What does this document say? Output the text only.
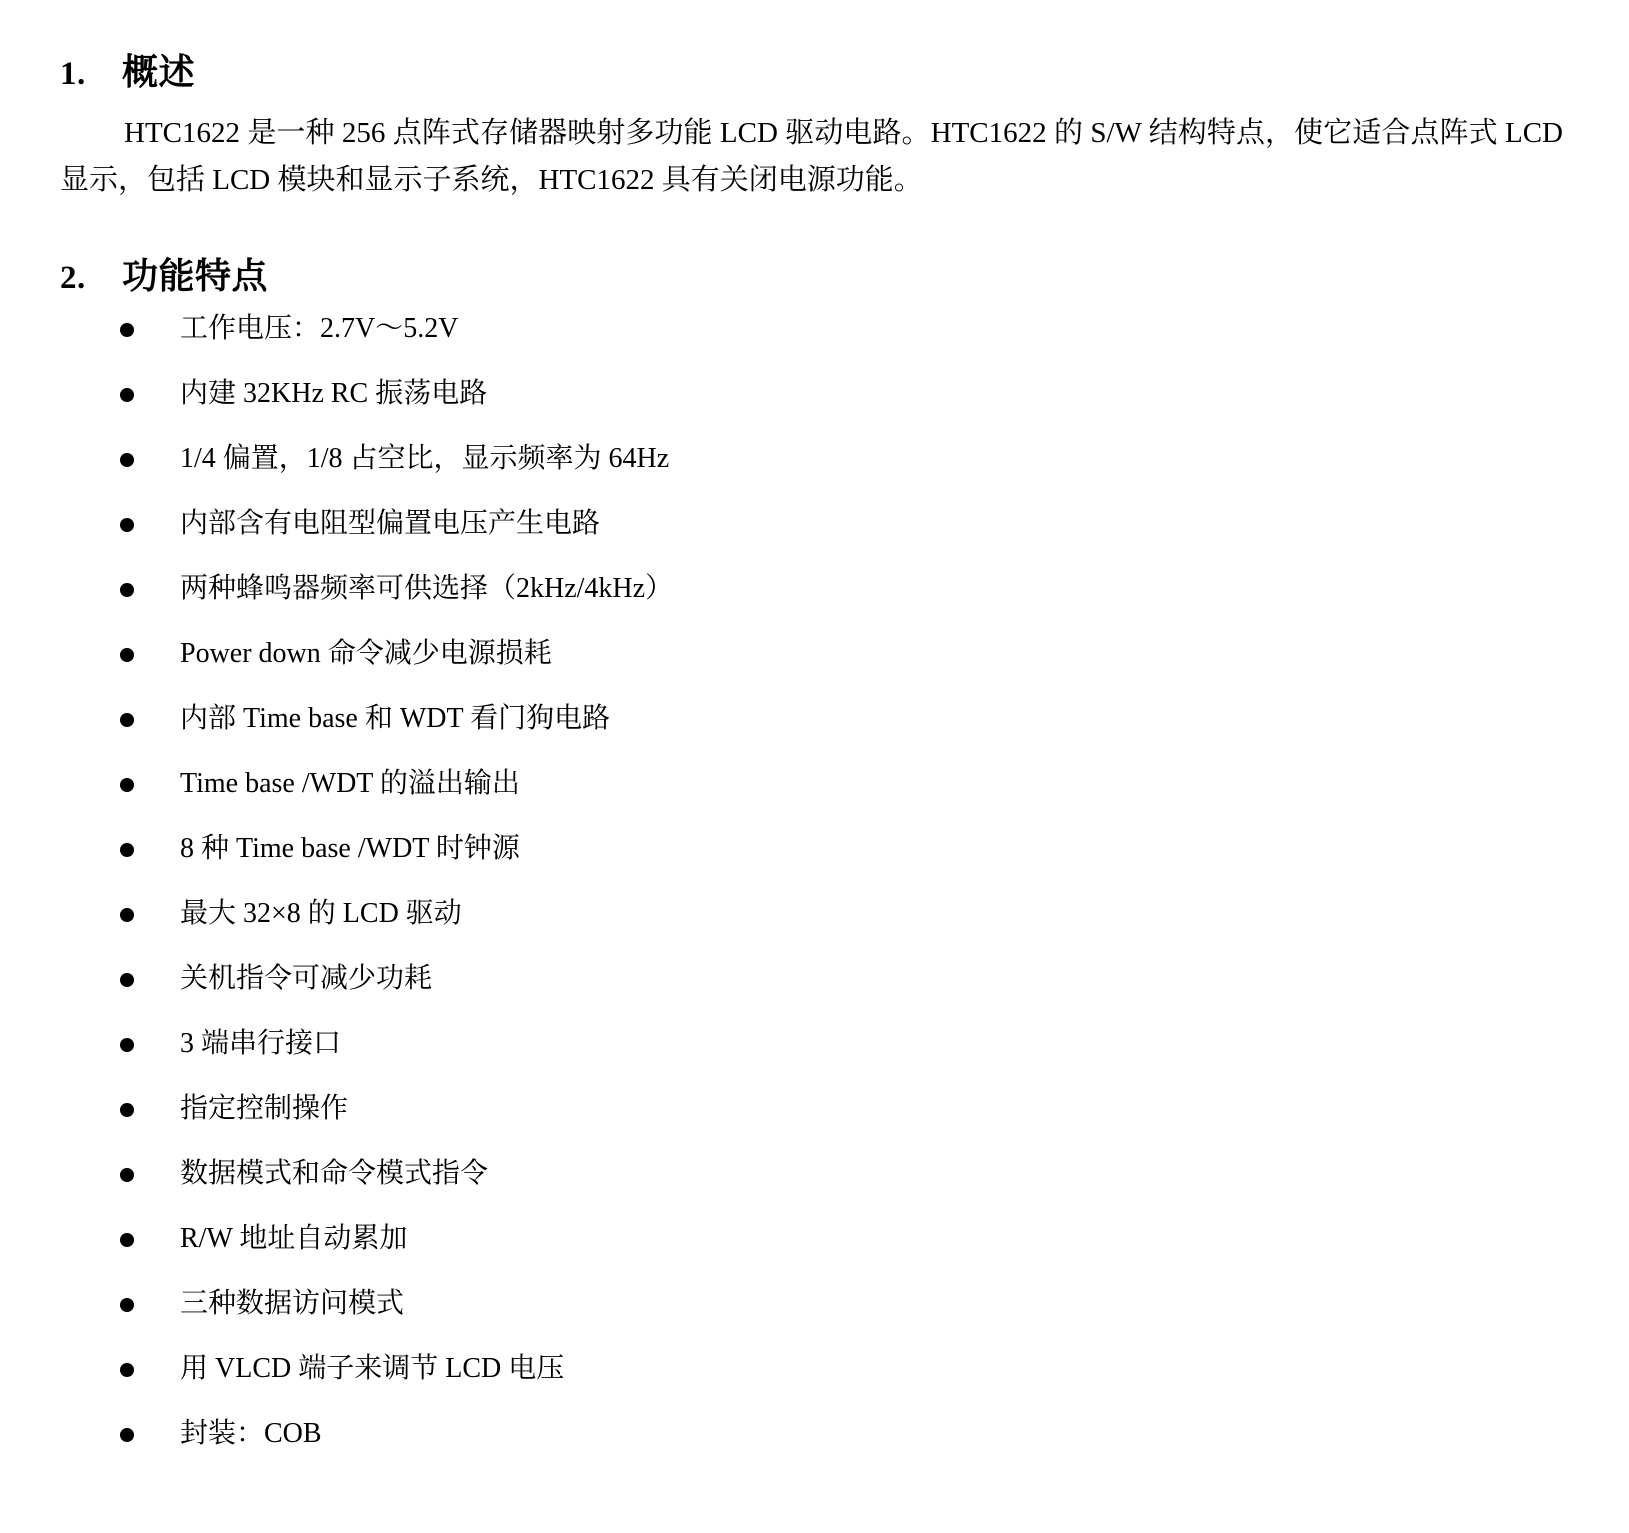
1.	概述

HTC1622 是一种 256 点阵式存储器映射多功能 LCD 驱动电路。HTC1622 的 S/W 结构特点，使它适合点阵式 LCD 显示，包括 LCD 模块和显示子系统，HTC1622 具有关闭电源功能。

2.	功能特点
工作电压：2.7V～5.2V
内建 32KHz RC 振荡电路
1/4 偏置，1/8 占空比，显示频率为 64Hz
内部含有电阻型偏置电压产生电路
两种蜂鸣器频率可供选择（2kHz/4kHz）
Power down 命令减少电源损耗
内部 Time base 和 WDT 看门狗电路
Time base /WDT 的溢出输出
8 种 Time base /WDT 时钟源
最大 32×8 的 LCD 驱动
关机指令可减少功耗
3 端串行接口
指定控制操作
数据模式和命令模式指令
R/W 地址自动累加
三种数据访问模式
用 VLCD 端子来调节 LCD 电压
封装：COB
